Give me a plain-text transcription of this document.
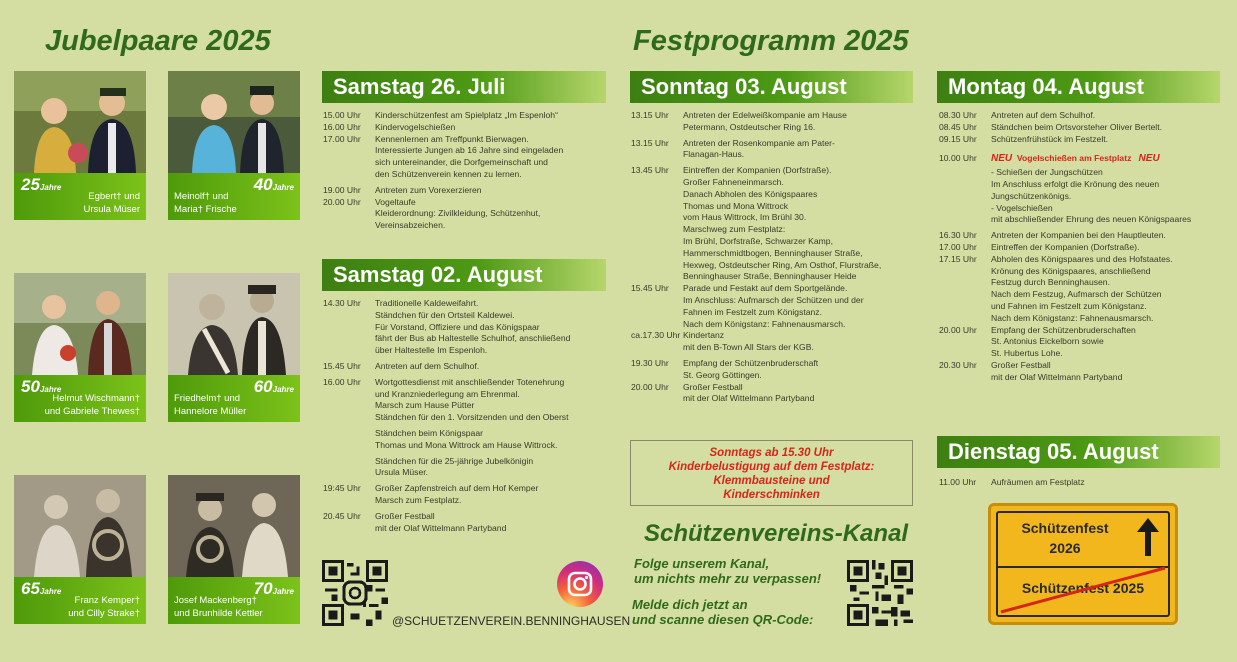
Jubelpaare 2025	Festprogramm 2025
25Jahre
Egbert† und
Ursula Müser
40Jahre
Meinolf† und
Maria† Frische
50Jahre
Helmut Wischmann†
und Gabriele Thewes†
60Jahre
Friedhelm† und
Hannelore Müller
65Jahre
Franz Kemper†
und Cilly Strake†
70Jahre
Josef Mackenberg†
und Brunhilde Kettler
Samstag 26. Juli
15.00 Uhr	Kinderschützenfest am Spielplatz „Im Espenloh“
16.00 Uhr	Kindervogelschießen
17.00 Uhr	Kennenlernen am Treffpunkt Bierwagen.
Interessierte Jungen ab 16 Jahre sind eingeladen
sich untereinander, die Dorfgemeinschaft und
den Schützenverein kennen zu lernen.
19.00 Uhr	Antreten zum Vorexerzieren
20.00 Uhr	Vogeltaufe
Kleiderordnung: Zivilkleidung, Schützenhut,
Vereinsabzeichen.
Samstag 02. August
14.30 Uhr	Traditionelle Kaldeweifahrt.
Ständchen für den Ortsteil Kaldewei.
Für Vorstand, Offiziere und das Königspaar
fährt der Bus ab Haltestelle Schulhof, anschließend
über Haltestelle Im Espenloh.
15.45 Uhr	Antreten auf dem Schulhof.
16.00 Uhr	Wortgottesdienst mit anschließender Totenehrung
und Kranzniederlegung am Ehrenmal.
Marsch zum Hause Pütter
Ständchen für den 1. Vorsitzenden und den Oberst
Ständchen beim Königspaar
Thomas und Mona Wittrock am Hause Wittrock.
Ständchen für die 25-jährige Jubelkönigin
Ursula Müser.
19:45 Uhr	Großer Zapfenstreich auf dem Hof Kemper
Marsch zum Festplatz.
20.45 Uhr	Großer Festball
mit der Olaf Wittelmann Partyband
@SCHUETZENVEREIN.BENNINGHAUSEN
Sonntag 03. August
13.15 Uhr	Antreten der Edelweißkompanie am Hause
Petermann, Ostdeutscher Ring 16.
13.15 Uhr	Antreten der Rosenkompanie am Pater-
Flanagan-Haus.
13.45 Uhr	Eintreffen der Kompanien (Dorfstraße).
Großer Fahneneinmarsch.
Danach Abholen des Königspaares
Thomas und Mona Wittrock
vom Haus Wittrock, Im Brühl 30.
Marschweg zum Festplatz:
Im Brühl, Dorfstraße, Schwarzer Kamp,
Hammerschmidtbogen, Benninghauser Straße,
Hexweg, Ostdeutscher Ring, Am Osthof, Flurstraße,
Benninghauser Straße, Benninghauser Heide
15.45 Uhr	Parade und Festakt auf dem Sportgelände.
Im Anschluss: Aufmarsch der Schützen und der
Fahnen im Festzelt zum Königstanz.
Nach dem Königstanz: Fahnenausmarsch.
ca.17.30 Uhr Kindertanz
mit den B-Town All Stars der KGB.
19.30 Uhr	Empfang der Schützenbruderschaft
St. Georg Göttingen.
20.00 Uhr	Großer Festball
mit der Olaf Wittelmann Partyband
Sonntags ab 15.30 Uhr
Kinderbelustigung auf dem Festplatz:
Klemmbausteine und
Kinderschminken
Schützenvereins-Kanal
Folge unserem Kanal,
um nichts mehr zu verpassen!
Melde dich jetzt an
und scanne diesen QR-Code:
Montag 04. August
08.30 Uhr	Antreten auf dem Schulhof.
08.45 Uhr	Ständchen beim Ortsvorsteher Oliver Bertelt.
09.15 Uhr	Schützenfrühstück im Festzelt.
10.00 Uhr	NEU Vogelschießen am Festplatz NEU
- Schießen der Jungschützen
Im Anschluss erfolgt die Krönung des neuen
Jungschützenkönigs.
- Vogelschießen
mit abschließender Ehrung des neuen Königspaares
16.30 Uhr	Antreten der Kompanien bei den Hauptleuten.
17.00 Uhr	Eintreffen der Kompanien (Dorfstraße).
17.15 Uhr	Abholen des Königspaares und des Hofstaates.
Krönung des Königspaares, anschließend
Festzug durch Benninghausen.
Nach dem Festzug, Aufmarsch der Schützen
und Fahnen im Festzelt zum Königstanz.
Nach dem Königstanz: Fahnenausmarsch.
20.00 Uhr	Empfang der Schützenbruderschaften
St. Antonius Eickelborn sowie
St. Hubertus Lohe.
20.30 Uhr	Großer Festball
mit der Olaf Wittelmann Partyband
Dienstag 05. August
11.00 Uhr	Aufräumen am Festplatz
Schützenfest
2026
Schützenfest 2025
